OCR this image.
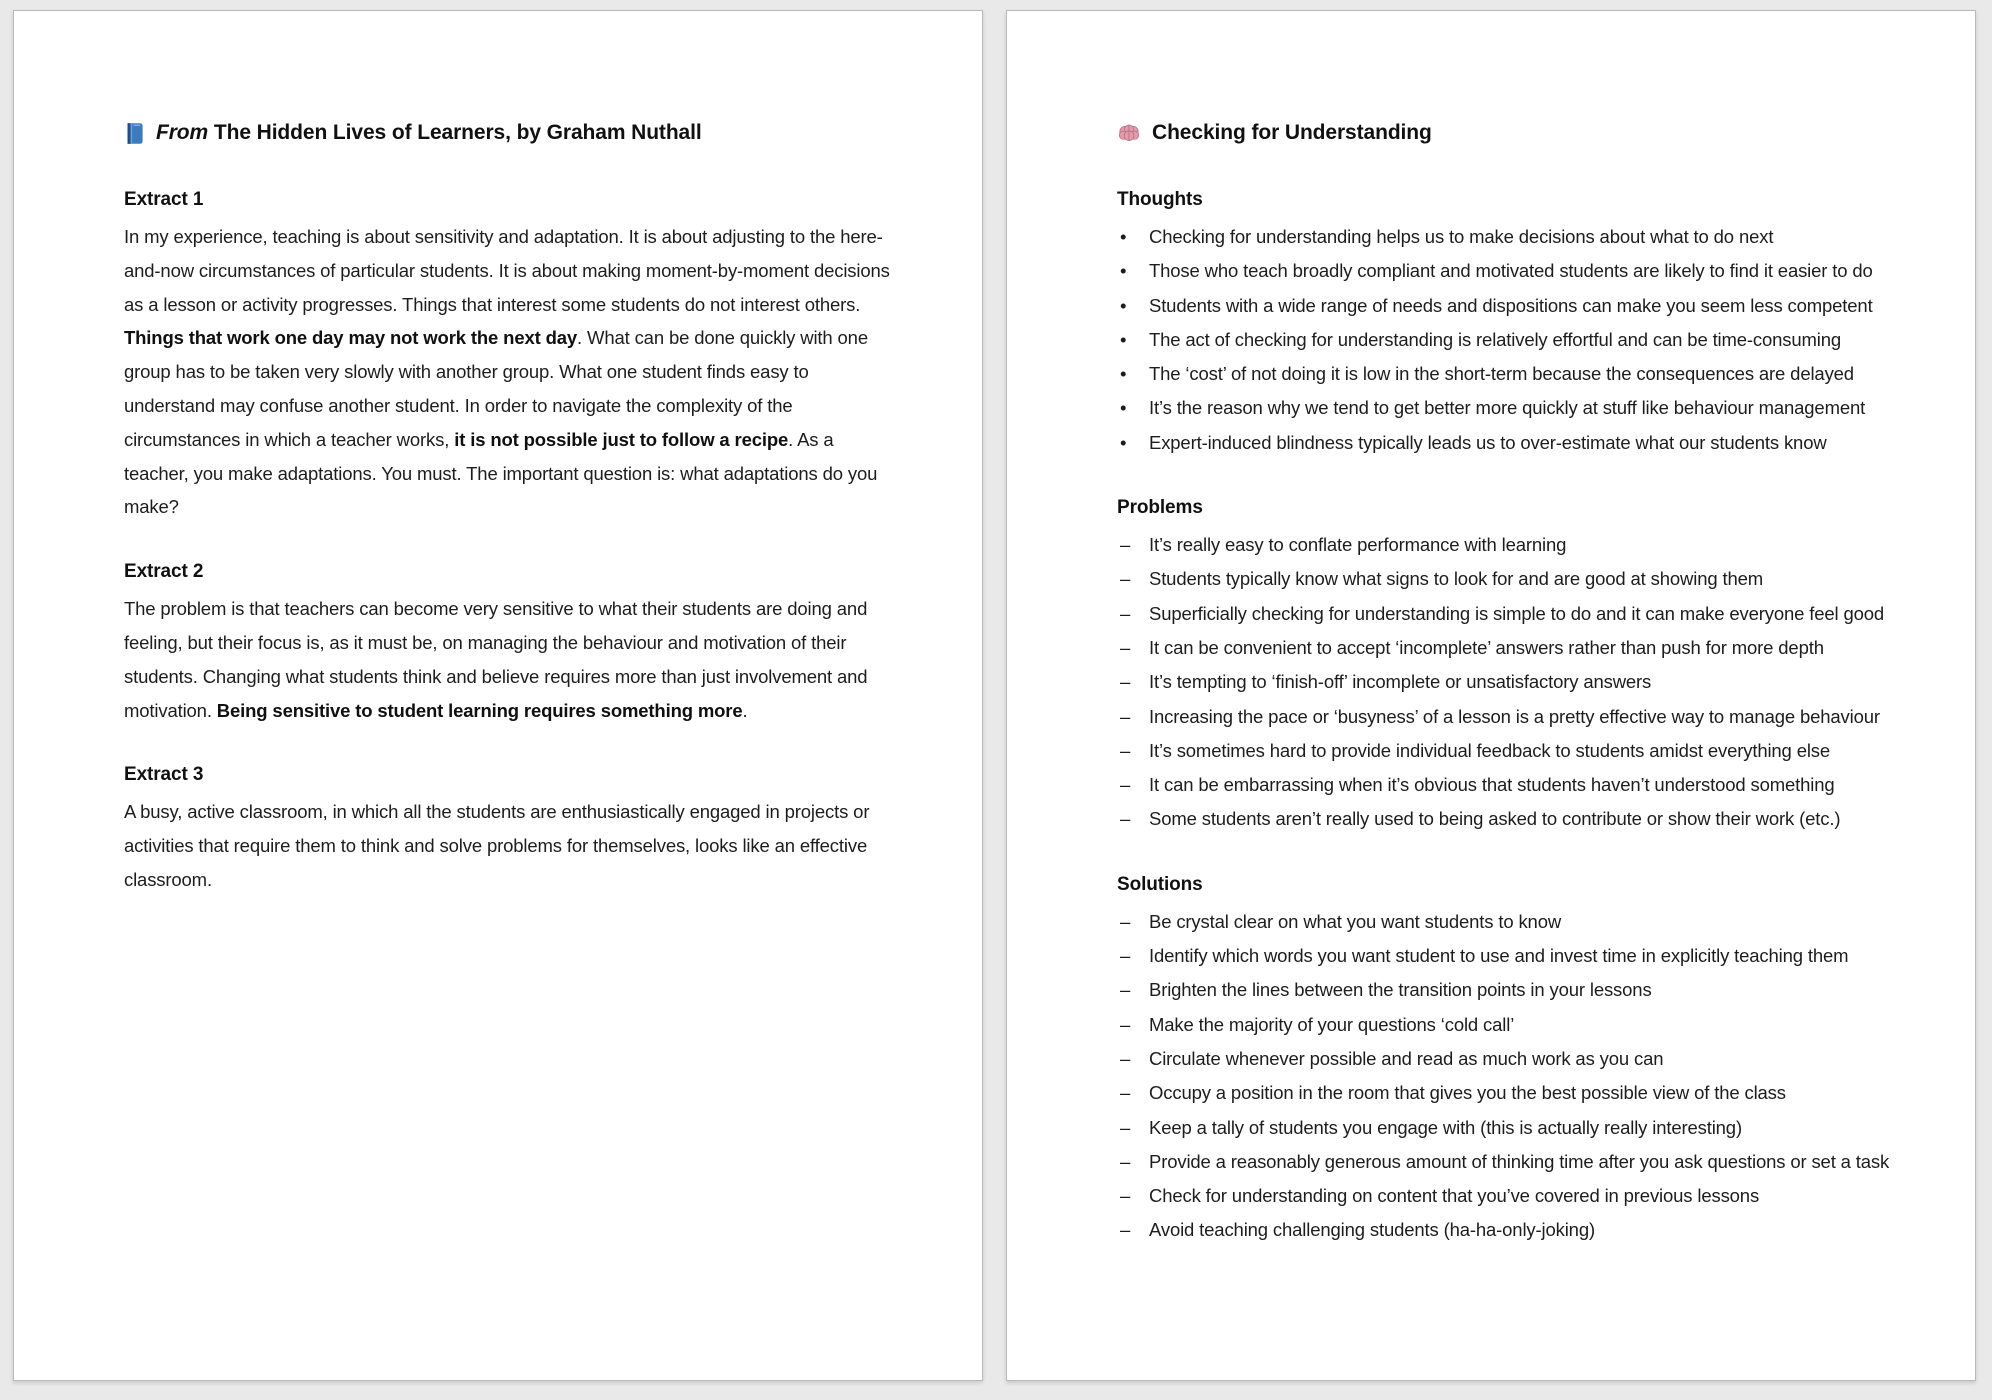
From The Hidden Lives of Learners, by Graham Nuthall
Extract 1

In my experience, teaching is about sensitivity and adaptation. It is about adjusting to the here-and-now circumstances of particular students. It is about making moment-by-moment decisions as a lesson or activity progresses. Things that interest some students do not interest others. Things that work one day may not work the next day. What can be done quickly with one group has to be taken very slowly with another group. What one student finds easy to understand may confuse another student. In order to navigate the complexity of the circumstances in which a teacher works, it is not possible just to follow a recipe. As a teacher, you make adaptations. You must. The important question is: what adaptations do you make?

Extract 2

The problem is that teachers can become very sensitive to what their students are doing and feeling, but their focus is, as it must be, on managing the behaviour and motivation of their students. Changing what students think and believe requires more than just involvement and motivation. Being sensitive to student learning requires something more.

Extract 3

A busy, active classroom, in which all the students are enthusiastically engaged in projects or activities that require them to think and solve problems for themselves, looks like an effective classroom.

Checking for Understanding
Thoughts
• Checking for understanding helps us to make decisions about what to do next
• Those who teach broadly compliant and motivated students are likely to find it easier to do
• Students with a wide range of needs and dispositions can make you seem less competent
• The act of checking for understanding is relatively effortful and can be time-consuming
• The ‘cost’ of not doing it is low in the short-term because the consequences are delayed
• It’s the reason why we tend to get better more quickly at stuff like behaviour management
• Expert-induced blindness typically leads us to over-estimate what our students know
Problems
– It’s really easy to conflate performance with learning
– Students typically know what signs to look for and are good at showing them
– Superficially checking for understanding is simple to do and it can make everyone feel good
– It can be convenient to accept ‘incomplete’ answers rather than push for more depth
– It’s tempting to ‘finish-off’ incomplete or unsatisfactory answers
– Increasing the pace or ‘busyness’ of a lesson is a pretty effective way to manage behaviour
– It’s sometimes hard to provide individual feedback to students amidst everything else
– It can be embarrassing when it’s obvious that students haven’t understood something
– Some students aren’t really used to being asked to contribute or show their work (etc.)
Solutions
– Be crystal clear on what you want students to know
– Identify which words you want student to use and invest time in explicitly teaching them
– Brighten the lines between the transition points in your lessons
– Make the majority of your questions ‘cold call’
– Circulate whenever possible and read as much work as you can
– Occupy a position in the room that gives you the best possible view of the class
– Keep a tally of students you engage with (this is actually really interesting)
– Provide a reasonably generous amount of thinking time after you ask questions or set a task
– Check for understanding on content that you’ve covered in previous lessons
– Avoid teaching challenging students (ha-ha-only-joking)
